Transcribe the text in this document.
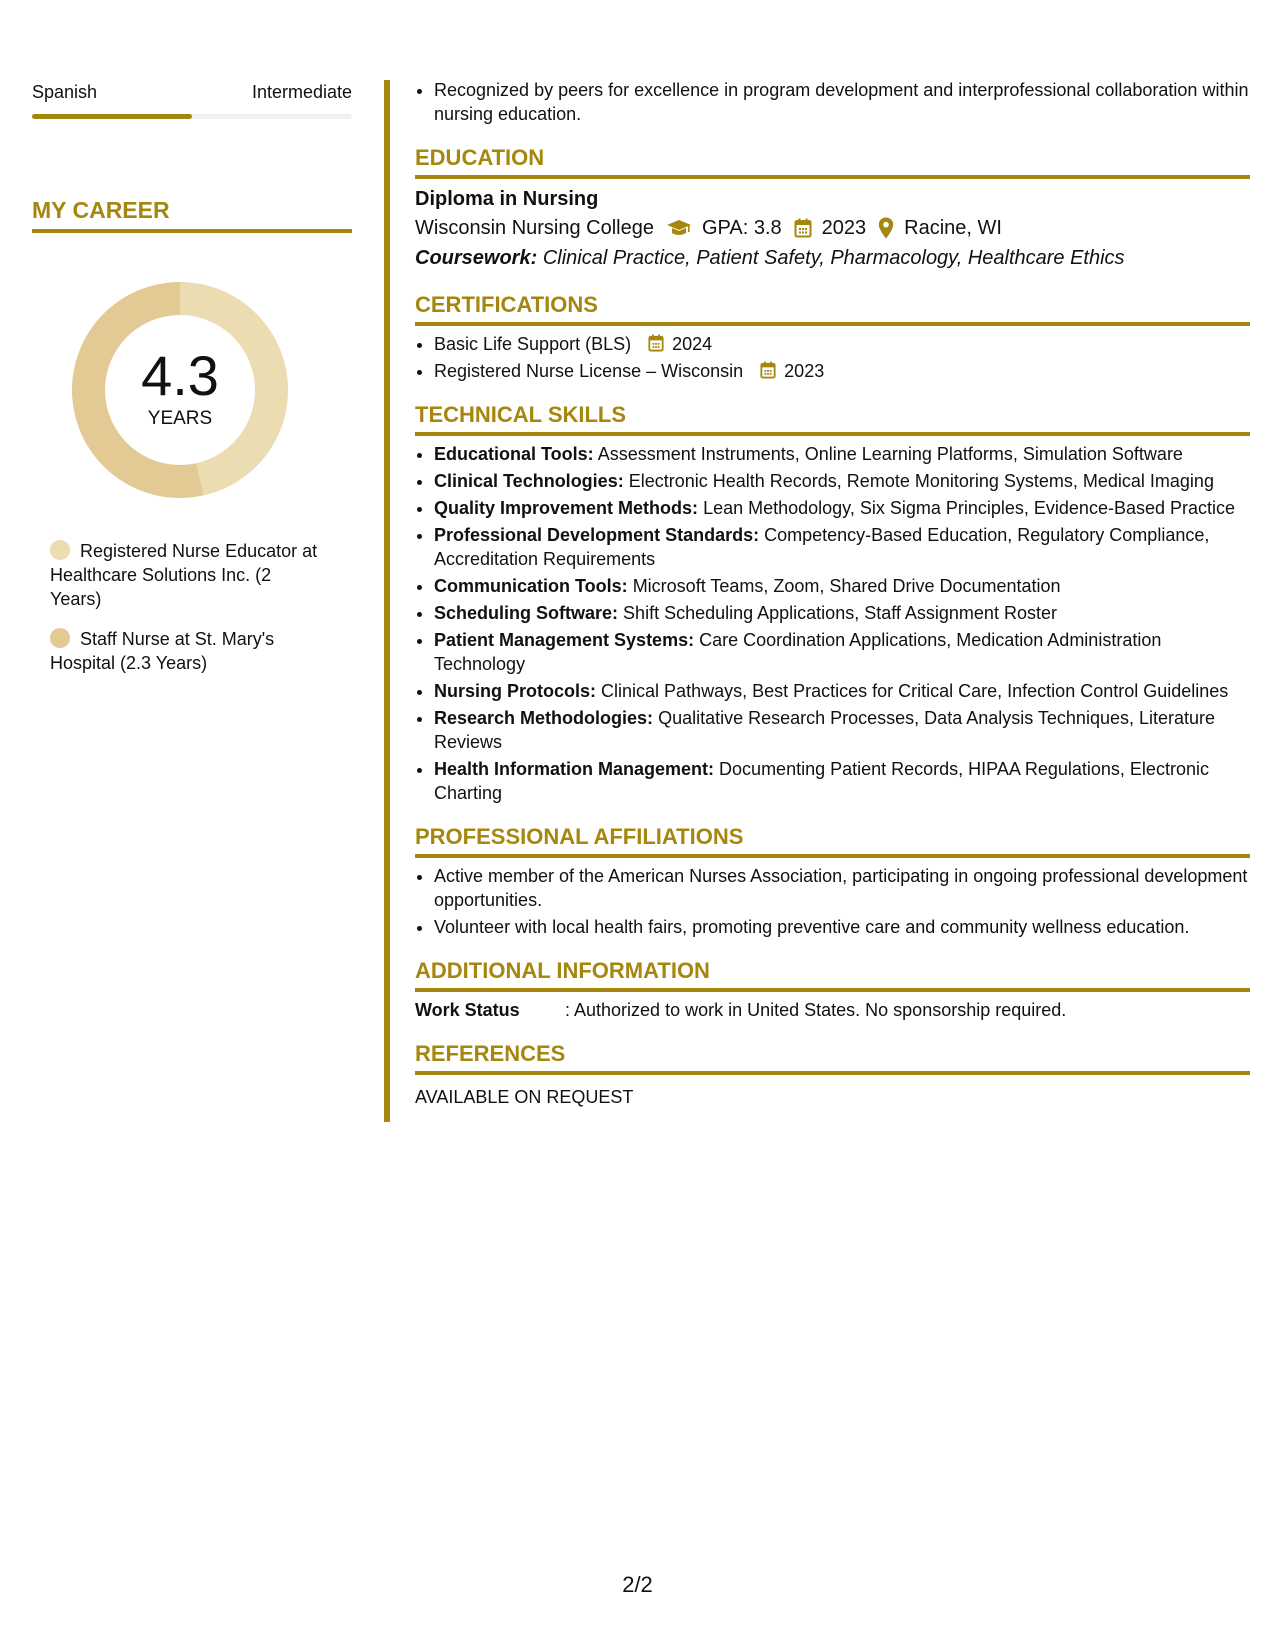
Spanish	Intermediate
MY CAREER
4.3
YEARS
Registered Nurse Educator at Healthcare Solutions Inc. (2 Years)
Staff Nurse at St. Mary's Hospital (2.3 Years)
• Recognized by peers for excellence in program development and interprofessional collaboration within nursing education.
EDUCATION
Diploma in Nursing
Wisconsin Nursing College GPA: 3.8 2023 Racine, WI
Coursework: Clinical Practice, Patient Safety, Pharmacology, Healthcare Ethics
CERTIFICATIONS
• Basic Life Support (BLS) 2024
• Registered Nurse License – Wisconsin 2023
TECHNICAL SKILLS
• Educational Tools: Assessment Instruments, Online Learning Platforms, Simulation Software
• Clinical Technologies: Electronic Health Records, Remote Monitoring Systems, Medical Imaging
• Quality Improvement Methods: Lean Methodology, Six Sigma Principles, Evidence-Based Practice
• Professional Development Standards: Competency-Based Education, Regulatory Compliance, Accreditation Requirements
• Communication Tools: Microsoft Teams, Zoom, Shared Drive Documentation
• Scheduling Software: Shift Scheduling Applications, Staff Assignment Roster
• Patient Management Systems: Care Coordination Applications, Medication Administration Technology
• Nursing Protocols: Clinical Pathways, Best Practices for Critical Care, Infection Control Guidelines
• Research Methodologies: Qualitative Research Processes, Data Analysis Techniques, Literature Reviews
• Health Information Management: Documenting Patient Records, HIPAA Regulations, Electronic Charting
PROFESSIONAL AFFILIATIONS
• Active member of the American Nurses Association, participating in ongoing professional development opportunities.
• Volunteer with local health fairs, promoting preventive care and community wellness education.
ADDITIONAL INFORMATION
Work Status	: Authorized to work in United States. No sponsorship required.
REFERENCES
AVAILABLE ON REQUEST
2/2
